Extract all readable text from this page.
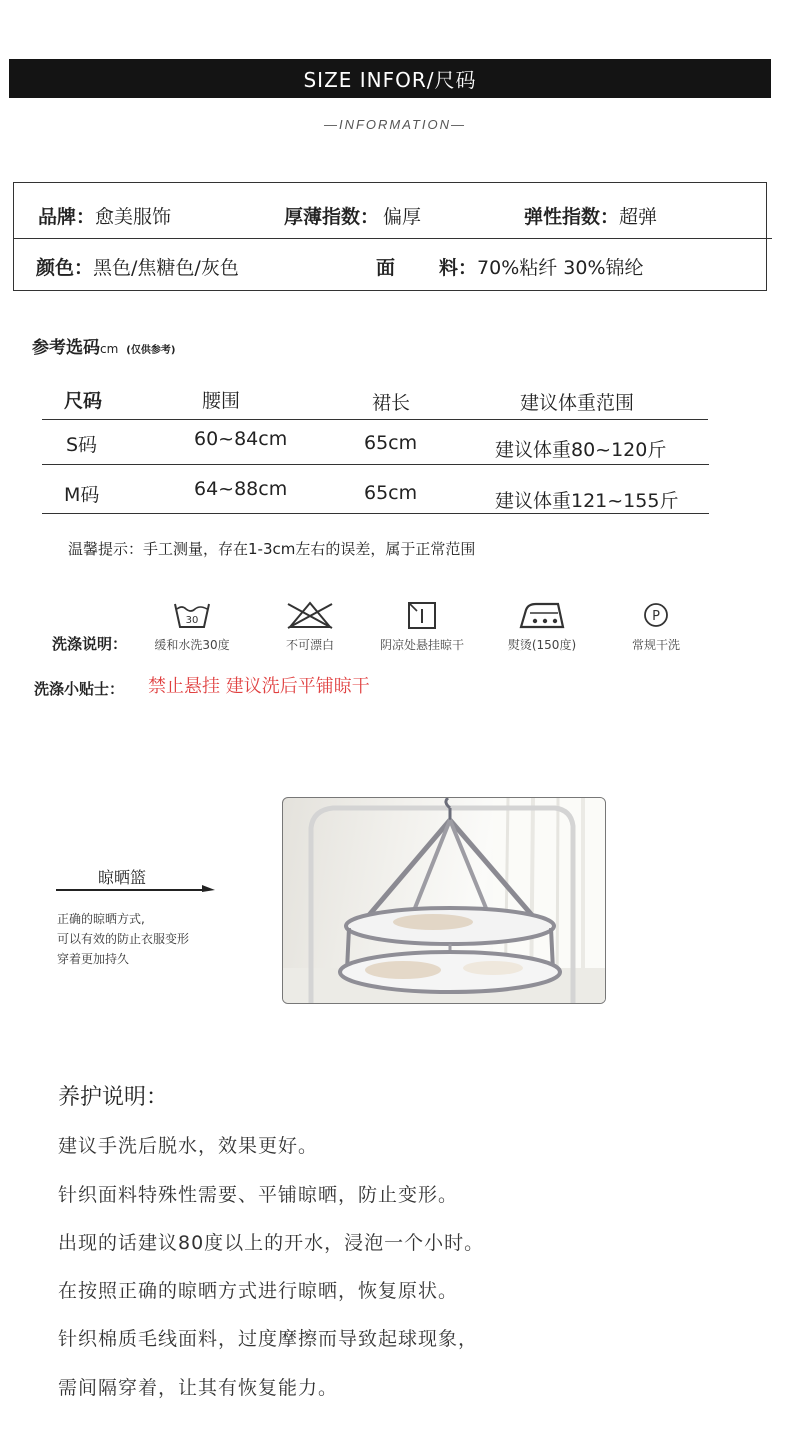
SIZE INFOR/尺码
—INFORMATION—
品牌：愈美服饰	厚薄指数： 偏厚	弹性指数：超弹
颜色：黑色/焦糖色/灰色	面 料：70%粘纤 30%锦纶
参考选码cm (仅供参考)
尺码	腰围	裙长	建议体重范围
S码	60~84cm	65cm	建议体重80~120斤
M码	64~88cm	65cm	建议体重121~155斤
温馨提示：手工测量，存在1-3cm左右的误差，属于正常范围
洗涤说明：
30
缓和水洗30度	不可漂白	阴凉处悬挂晾干	熨烫(150度)
P
常规干洗
洗涤小贴士： 禁止悬挂 建议洗后平铺晾干
晾晒篮
正确的晾晒方式,
可以有效的防止衣服变形
穿着更加持久
养护说明：
建议手洗后脱水，效果更好。
针织面料特殊性需要、平铺晾晒，防止变形。
出现的话建议80度以上的开水，浸泡一个小时。
在按照正确的晾晒方式进行晾晒，恢复原状。
针织棉质毛线面料，过度摩擦而导致起球现象，
需间隔穿着，让其有恢复能力。
